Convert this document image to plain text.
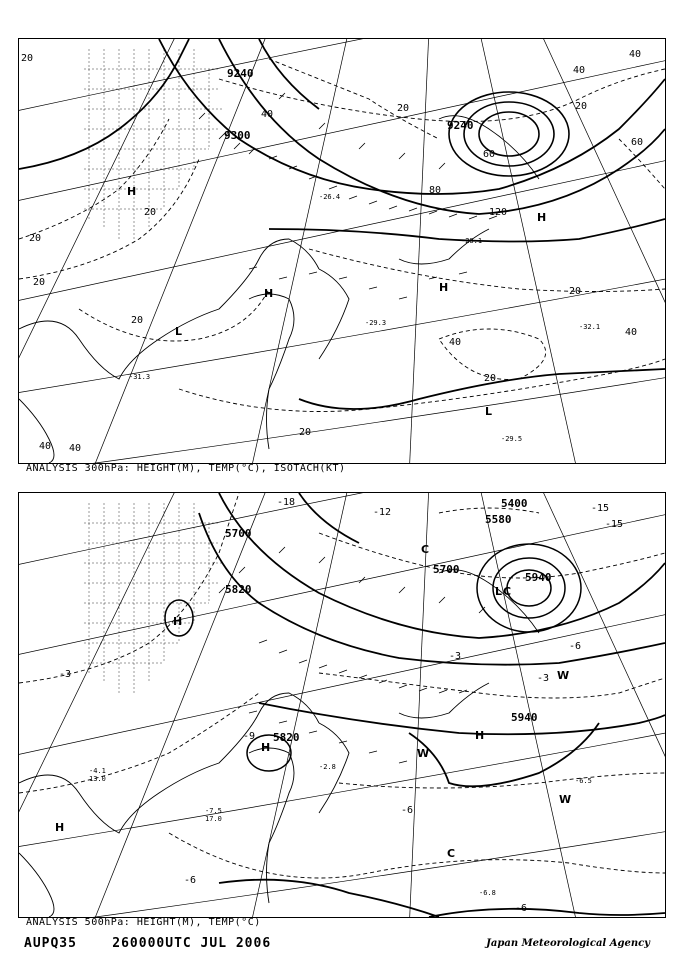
9240
9300
9240
20
20
20
20
20
20
20
20
40 40
40
40
40
60
60
80
120
20	20
40
40
H
H
L
L
H
H
-29.5
-28.1
-29.3
-31.3
-26.4
-32.1
ANALYSIS 300hPa: HEIGHT(M), TEMP(°C), ISOTACH(KT)
5700
5820
5700
5820
5940
5400
5580
5940
-3	-3
-3
-6
-6
-6
-12	-15
-18
-15
-9
-6
H
H
H
W
W
W
C
C
L
H
C
-4.1
13.0
-7.5
17.0
-6.5
-6.8
-2.8
ANALYSIS 500hPa: HEIGHT(M), TEMP(°C)
AUPQ35	260000UTC JUL 2006	Japan Meteorological Agency
